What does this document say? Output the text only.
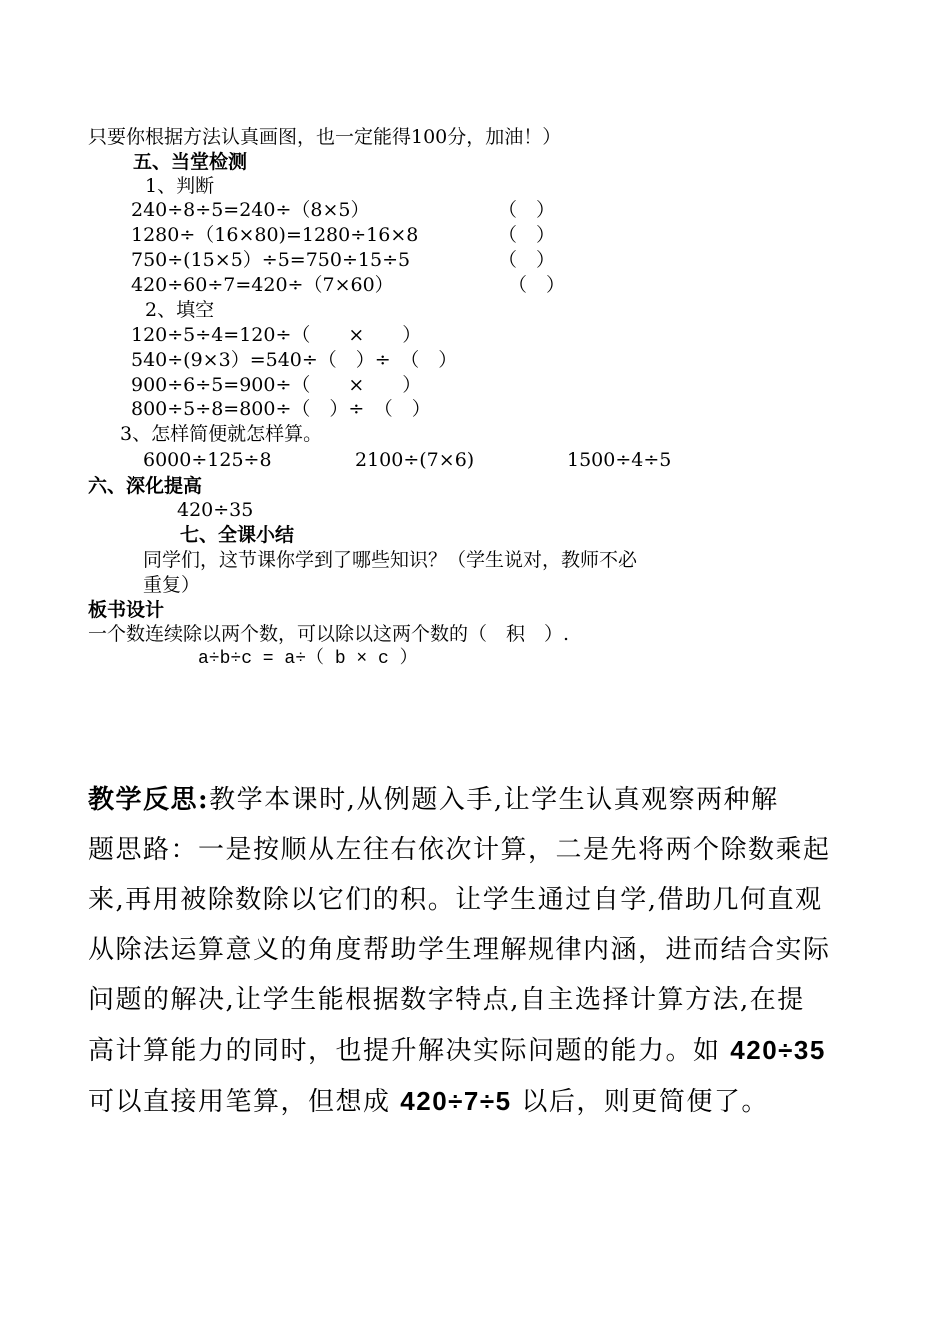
只要你根据方法认真画图，也一定能得100分，加油！）
五、当堂检测
1、判断
240÷8÷5=240÷（8×5）	（　）
1280÷（16×80)=1280÷16×8	（　）
750÷(15×5）÷5=750÷15÷5	（　）
420÷60÷7=420÷（7×60）	（　）
2、填空
120÷5÷4=120÷（　　×　　）
540÷(9×3）=540÷（　）÷　（　）
900÷6÷5=900÷（　　×　　）
800÷5÷8=800÷（　）÷　（　）
3、怎样简便就怎样算。
6000÷125÷8	2100÷(7×6)	1500÷4÷5
六、深化提高
420÷35
七、全课小结
同学们，这节课你学到了哪些知识？（学生说对，教师不必
重复）
板书设计
一个数连续除以两个数，可以除以这两个数的（　积　）.
a÷b÷c = a÷（ b × c ）
教学反思:教学本课时,从例题入手,让学生认真观察两种解
题思路：一是按顺从左往右依次计算，二是先将两个除数乘起
来,再用被除数除以它们的积。让学生通过自学,借助几何直观
从除法运算意义的角度帮助学生理解规律内涵，进而结合实际
问题的解决,让学生能根据数字特点,自主选择计算方法,在提
高计算能力的同时，也提升解决实际问题的能力。如 420÷35
可以直接用笔算，但想成 420÷7÷5 以后，则更简便了。
